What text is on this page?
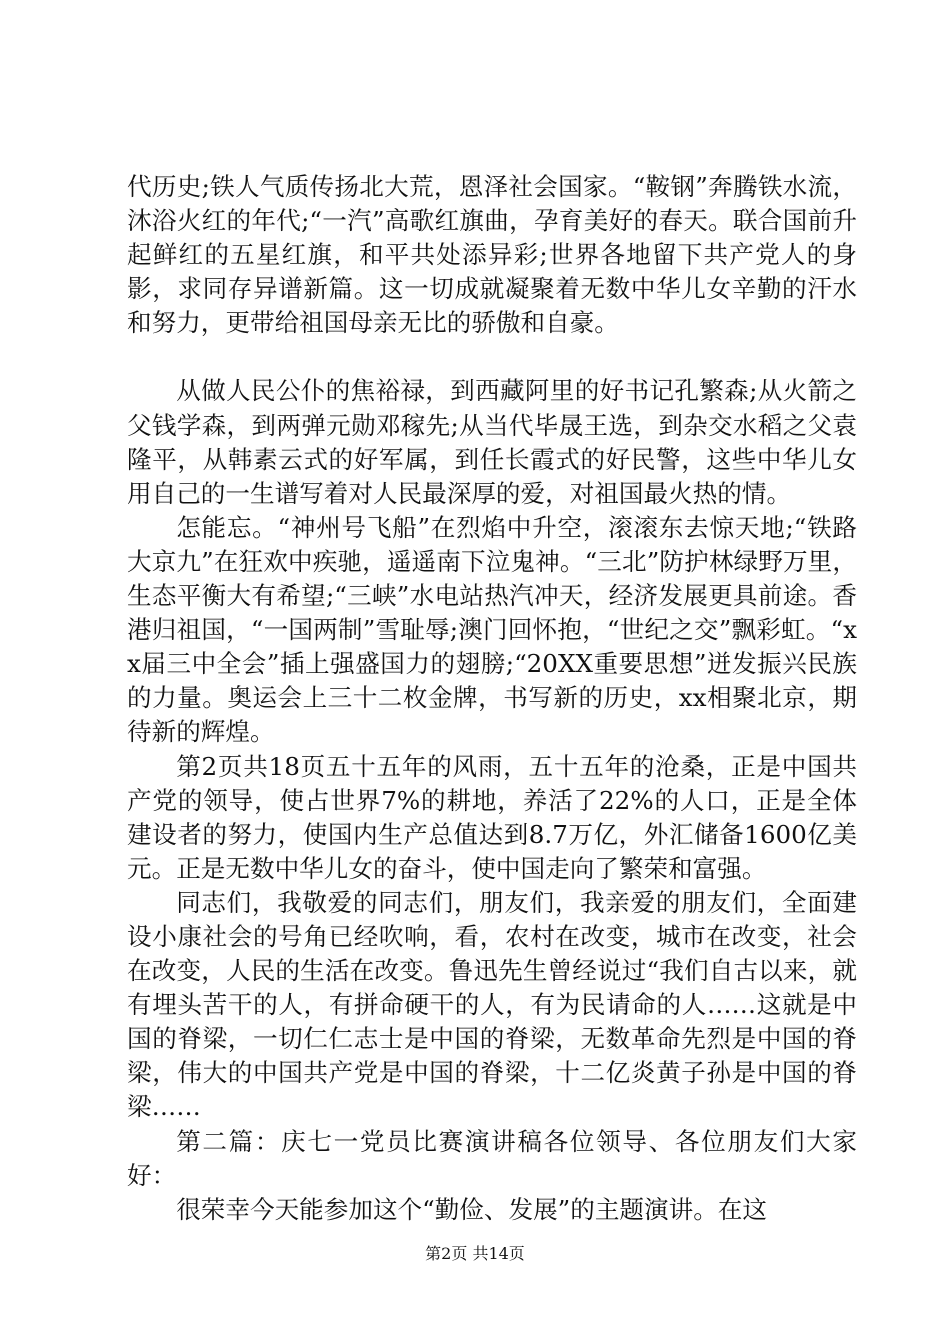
代历史;铁人气质传扬北大荒，恩泽社会国家。“鞍钢”奔腾铁水流，沐浴火红的年代;“一汽”高歌红旗曲，孕育美好的春天。联合国前升起鲜红的五星红旗，和平共处添异彩;世界各地留下共产党人的身影，求同存异谱新篇。这一切成就凝聚着无数中华儿女辛勤的汗水和努力，更带给祖国母亲无比的骄傲和自豪。

从做人民公仆的焦裕禄，到西藏阿里的好书记孔繁森;从火箭之父钱学森，到两弹元勋邓稼先;从当代毕晟王选，到杂交水稻之父袁隆平，从韩素云式的好军属，到任长霞式的好民警，这些中华儿女用自己的一生谱写着对人民最深厚的爱，对祖国最火热的情。

怎能忘。“神州号飞船”在烈焰中升空，滚滚东去惊天地;“铁路大京九”在狂欢中疾驰，遥遥南下泣鬼神。“三北”防护林绿野万里，生态平衡大有希望;“三峡”水电站热汽冲天，经济发展更具前途。香港归祖国，“一国两制”雪耻辱;澳门回怀抱，“世纪之交”飘彩虹。“xx届三中全会”插上强盛国力的翅膀;“20XX重要思想”迸发振兴民族的力量。奥运会上三十二枚金牌，书写新的历史，xx相聚北京，期待新的辉煌。

第2页共18页五十五年的风雨，五十五年的沧桑，正是中国共产党的领导，使占世界7%的耕地，养活了22%的人口，正是全体建设者的努力，使国内生产总值达到8.7万亿，外汇储备1600亿美元。正是无数中华儿女的奋斗，使中国走向了繁荣和富强。

同志们，我敬爱的同志们，朋友们，我亲爱的朋友们，全面建设小康社会的号角已经吹响，看，农村在改变，城市在改变，社会在改变，人民的生活在改变。鲁迅先生曾经说过“我们自古以来，就有埋头苦干的人，有拼命硬干的人，有为民请命的人……这就是中国的脊梁，一切仁仁志士是中国的脊梁，无数革命先烈是中国的脊梁，伟大的中国共产党是中国的脊梁，十二亿炎黄子孙是中国的脊梁……

第二篇：庆七一党员比赛演讲稿各位领导、各位朋友们大家好：

很荣幸今天能参加这个“勤俭、发展”的主题演讲。在这

第2页 共14页
